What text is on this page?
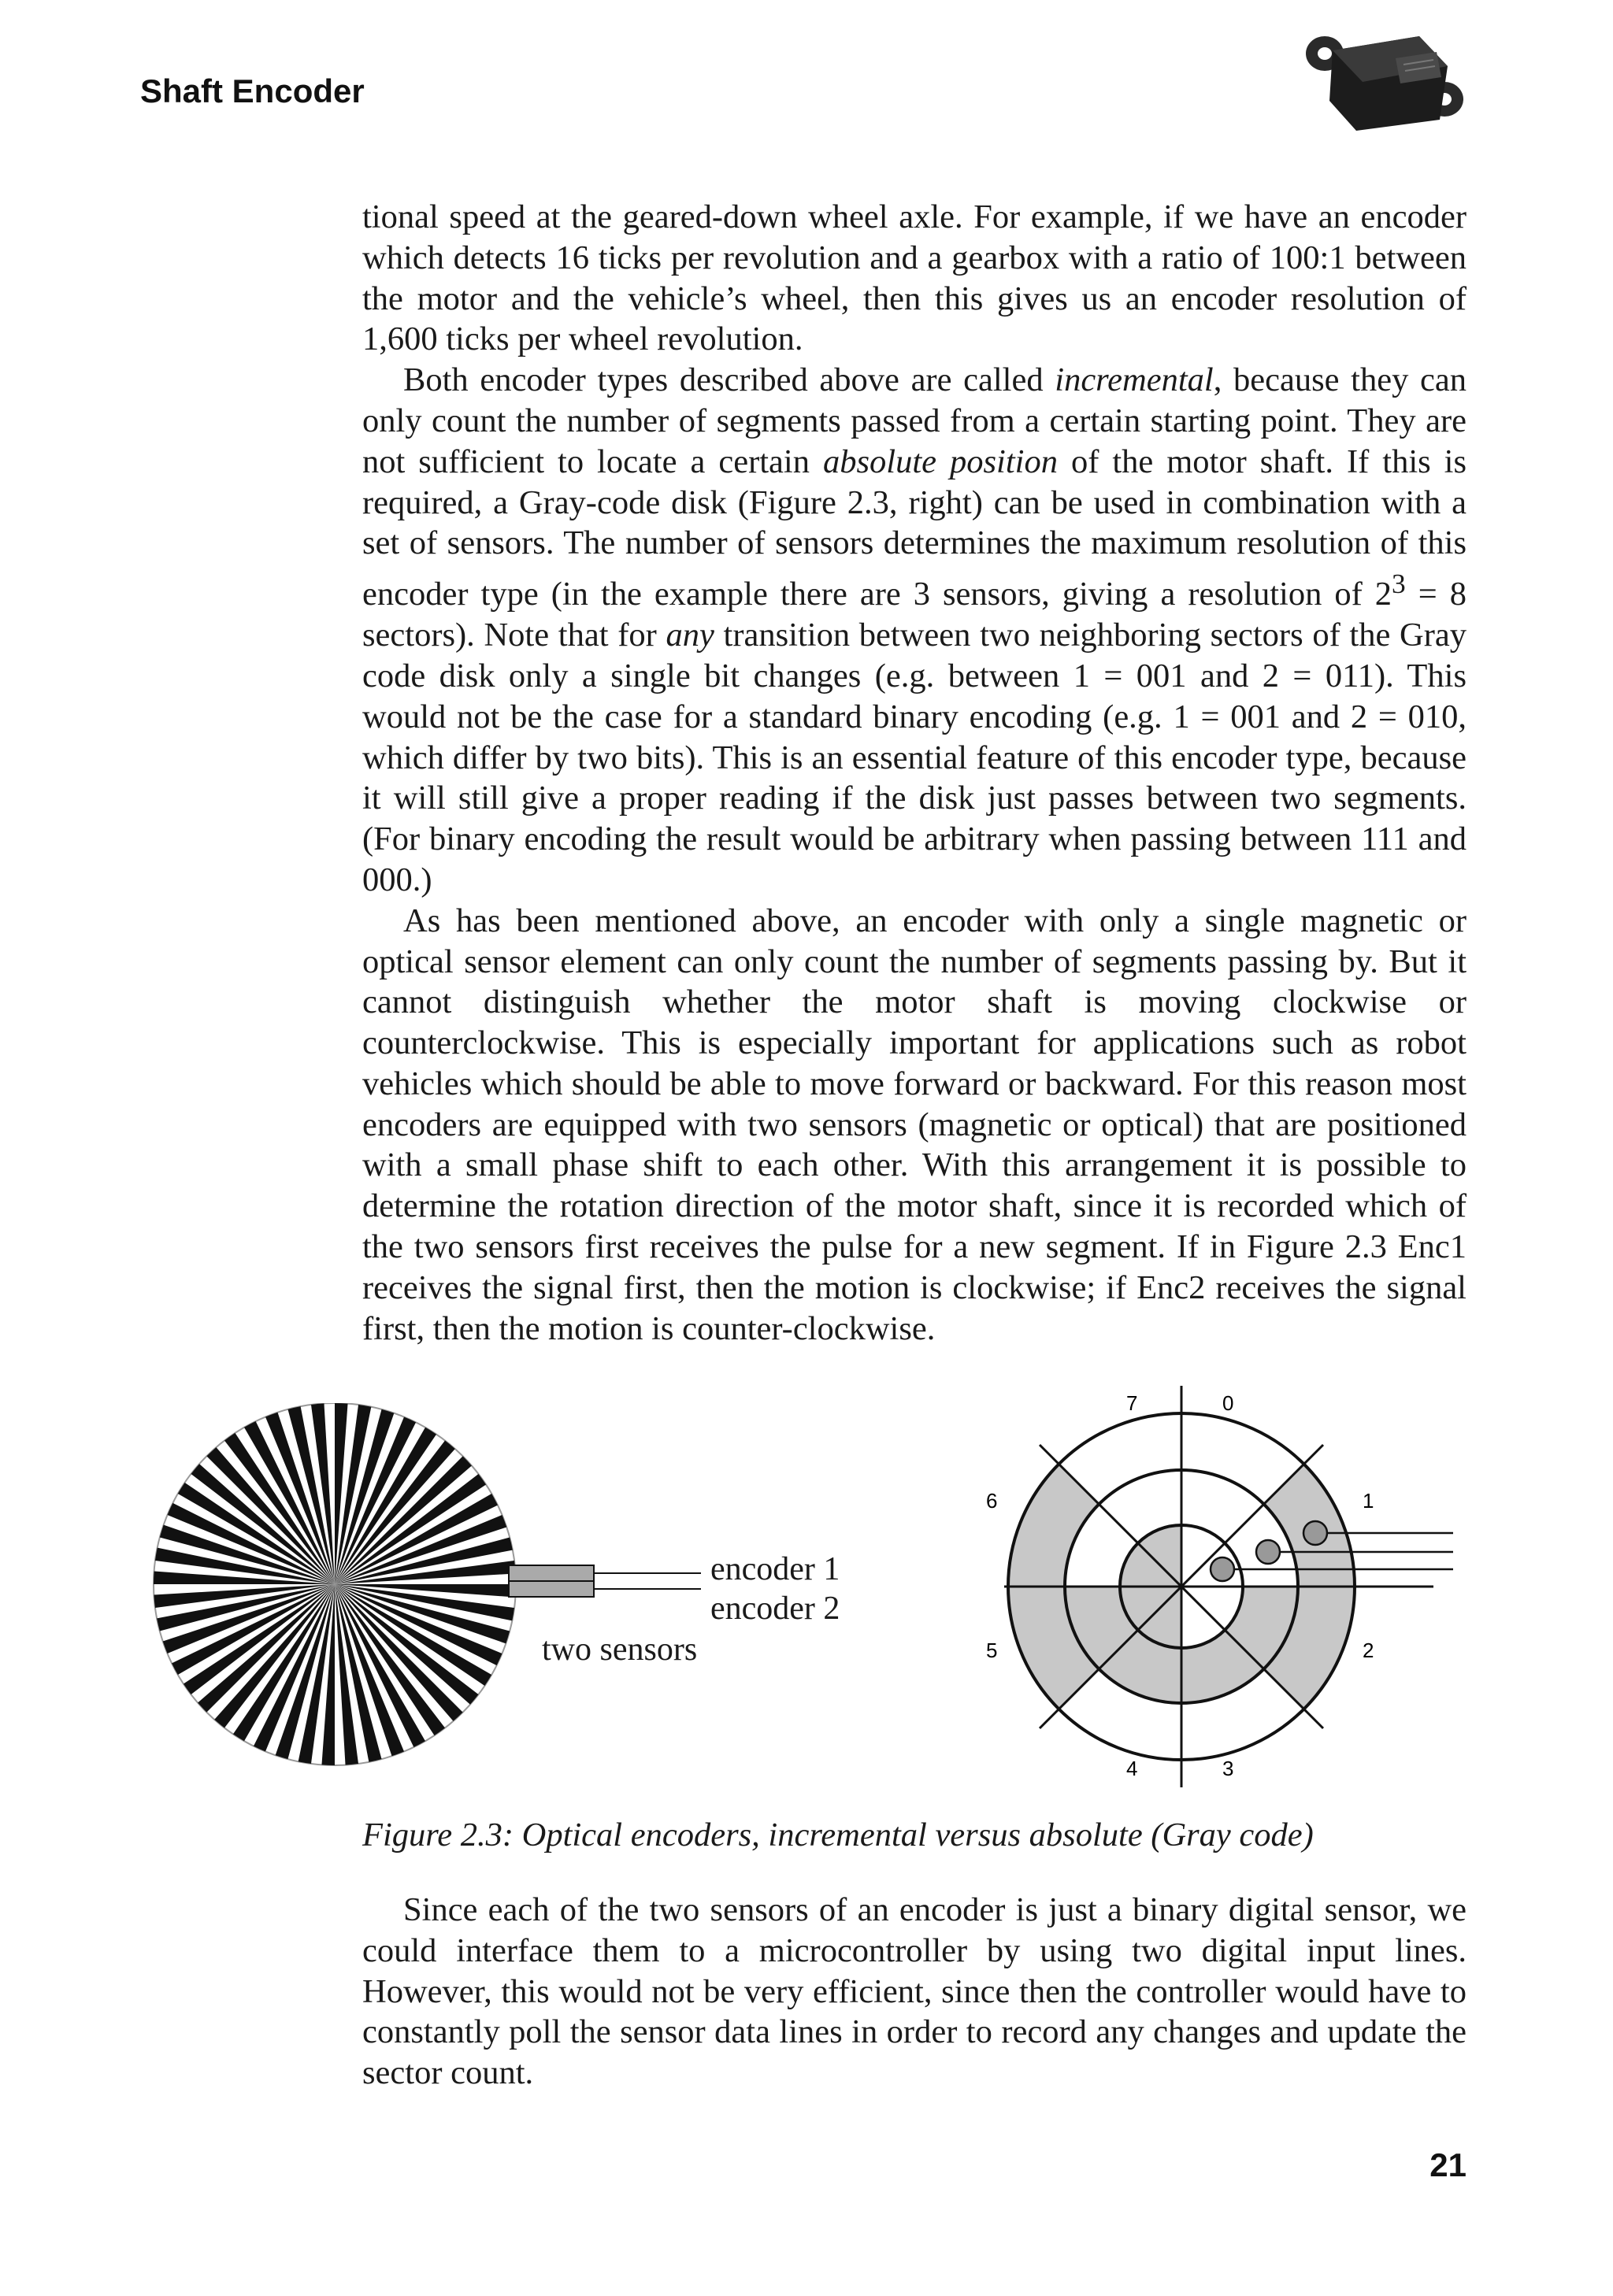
Shaft Encoder

tional speed at the geared-down wheel axle. For example, if we have an encoder which detects 16 ticks per revolution and a gearbox with a ratio of 100:1 between the motor and the vehicle’s wheel, then this gives us an encoder resolution of 1,600 ticks per wheel revolution.

Both encoder types described above are called incremental, because they can only count the number of segments passed from a certain starting point. They are not sufficient to locate a certain absolute position of the motor shaft. If this is required, a Gray-code disk (Figure 2.3, right) can be used in combination with a set of sensors. The number of sensors determines the maximum resolution of this encoder type (in the example there are 3 sensors, giving a resolution of $2^3 = 8$ sectors). Note that for any transition between two neighboring sectors of the Gray code disk only a single bit changes (e.g. between 1 = 001 and 2 = 011). This would not be the case for a standard binary encoding (e.g. 1 = 001 and 2 = 010, which differ by two bits). This is an essential feature of this encoder type, because it will still give a proper reading if the disk just passes between two segments. (For binary encoding the result would be arbitrary when passing between 111 and 000.)

As has been mentioned above, an encoder with only a single magnetic or optical sensor element can only count the number of segments passing by. But it cannot distinguish whether the motor shaft is moving clockwise or counterclockwise. This is especially important for applications such as robot vehicles which should be able to move forward or backward. For this reason most encoders are equipped with two sensors (magnetic or optical) that are positioned with a small phase shift to each other. With this arrangement it is possible to determine the rotation direction of the motor shaft, since it is recorded which of the two sensors first receives the pulse for a new segment. If in Figure 2.3 Enc1 receives the signal first, then the motion is clockwise; if Enc2 receives the signal first, then the motion is counter-clockwise.

encoder 1
encoder 2
two sensors
0
1
2
3
4
5
6
7
Figure 2.3: Optical encoders, incremental versus absolute (Gray code)

Since each of the two sensors of an encoder is just a binary digital sensor, we could interface them to a microcontroller by using two digital input lines. However, this would not be very efficient, since then the controller would have to constantly poll the sensor data lines in order to record any changes and update the sector count.

21
